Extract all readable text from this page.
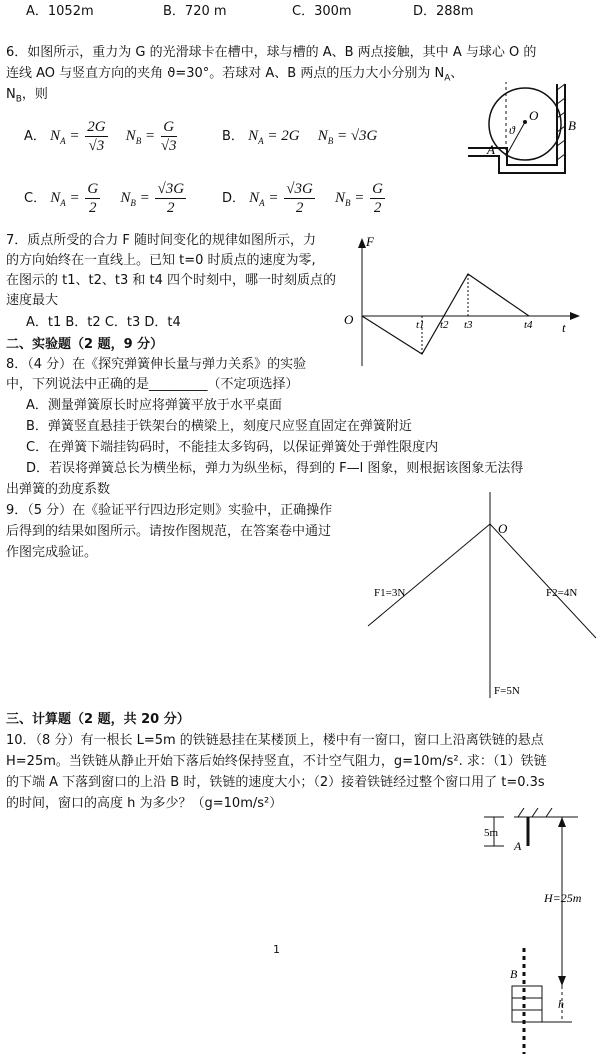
A．1052m	B．720 m	C．300m	D．288m
6．如图所示，重力为 G 的光滑球卡在槽中，球与槽的 A、B 两点接触，其中 A 与球心 O 的
连线 AO 与竖直方向的夹角 ϑ=30°。若球对 A、B 两点的压力大小分别为 $N_A$、
$N_B$，则
A． $N_A = \frac{2G}{√3} N_B = \frac{G}{√3}$	B． $N_A = 2G$ $N_B = √3G$
C． $N_A = \frac{G}{2} N_B = \frac{√3G}{2}$	D． $N_A = \frac{√3G}{2} N_B = \frac{G}{2}$
O
A
B
ϑ
7．质点所受的合力 F 随时间变化的规律如图所示，力
的方向始终在一直线上。已知 t=0 时质点的速度为零,
在图示的 t1、t2、t3 和 t4 四个时刻中，哪一时刻质点的
速度最大
A．t1 B．t2 C．t3 D．t4
F
t
O	t1 t2 t3	t4
二、实验题（2 题，9 分）
8．（4 分）在《探究弹簧伸长量与弹力关系》的实验
中，下列说法中正确的是_________（不定项选择）
A．测量弹簧原长时应将弹簧平放于水平桌面
B．弹簧竖直悬挂于铁架台的横梁上，刻度尺应竖直固定在弹簧附近
C．在弹簧下端挂钩码时，不能挂太多钩码，以保证弹簧处于弹性限度内
D．若误将弹簧总长为横坐标，弹力为纵坐标，得到的 F—l 图象，则根据该图象无法得
出弹簧的劲度系数
9．（5 分）在《验证平行四边形定则》实验中，正确操作
后得到的结果如图所示。请按作图规范，在答案卷中通过
作图完成验证。
O
F1=3N	F2=4N
F=5N
三、计算题（2 题，共 20 分）
10．（8 分）有一根长 L=5m 的铁链悬挂在某楼顶上，楼中有一窗口，窗口上沿离铁链的悬点
H=25m。当铁链从静止开始下落后始终保持竖直，不计空气阻力，g=10m/s². 求：（1）铁链
的下端 A 下落到窗口的上沿 B 时，铁链的速度大小；（2）接着铁链经过整个窗口用了 t=0.3s
的时间，窗口的高度 h 为多少？（g=10m/s²）
1
5m
A
H=25m
B
h
